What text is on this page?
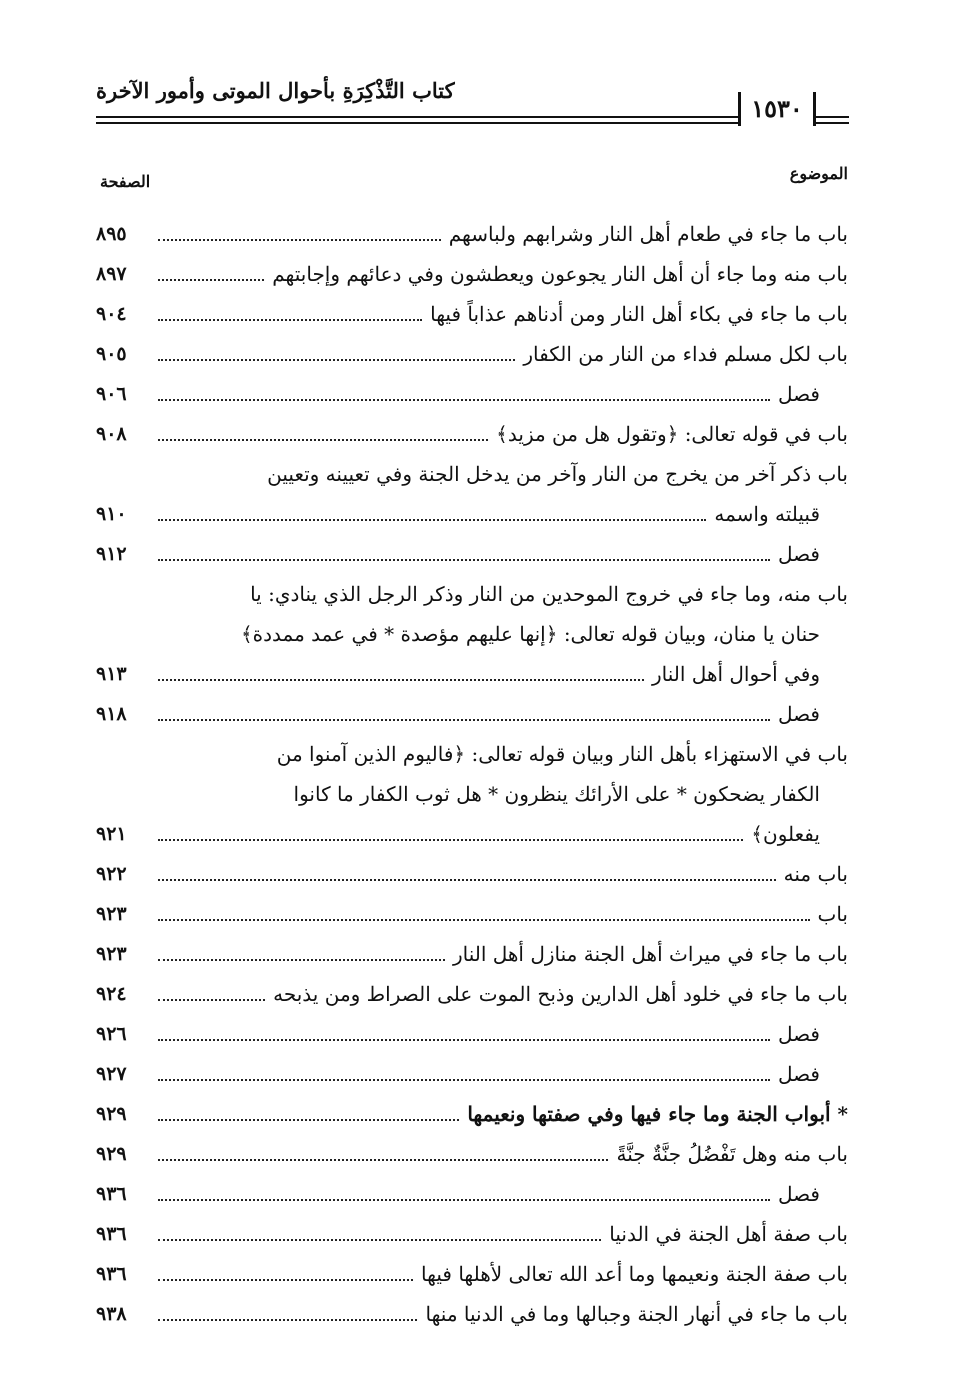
كتاب التَّذْكِرَةِ بأحوال الموتى وأمور الآخرة
١٥٣٠
الموضوع
الصفحة
باب ما جاء في طعام أهل النار وشرابهم ولباسهم
٨٩٥
باب منه وما جاء أن أهل النار يجوعون ويعطشون وفي دعائهم وإجابتهم
٨٩٧
باب ما جاء في بكاء أهل النار ومن أدناهم عذاباً فيها
٩٠٤
باب لكل مسلم فداء من النار من الكفار
٩٠٥
فصل
٩٠٦
باب في قوله تعالى: ﴿وتقول هل من مزيد﴾
٩٠٨
باب ذكر آخر من يخرج من النار وآخر من يدخل الجنة وفي تعيينه وتعيين
قبيلته واسمه
٩١٠
فصل
٩١٢
باب منه، وما جاء في خروج الموحدين من النار وذكر الرجل الذي ينادي: يا
حنان يا منان، وبيان قوله تعالى: ﴿إنها عليهم مؤصدة * في عمد ممددة﴾
وفي أحوال أهل النار
٩١٣
فصل
٩١٨
باب في الاستهزاء بأهل النار وبيان قوله تعالى: ﴿فاليوم الذين آمنوا من
الكفار يضحكون * على الأرائك ينظرون * هل ثوب الكفار ما كانوا
يفعلون﴾
٩٢١
باب منه
٩٢٢
باب
٩٢٣
باب ما جاء في ميراث أهل الجنة منازل أهل النار
٩٢٣
باب ما جاء في خلود أهل الدارين وذبح الموت على الصراط ومن يذبحه
٩٢٤
فصل
٩٢٦
فصل
٩٢٧
* أبواب الجنة وما جاء فيها وفي صفتها ونعيمها
٩٢٩
باب منه وهل تَفْضُلُ جنَّةٌ جنَّةً
٩٢٩
فصل
٩٣٦
باب صفة أهل الجنة في الدنيا
٩٣٦
باب صفة الجنة ونعيمها وما أعد الله تعالى لأهلها فيها
٩٣٦
باب ما جاء في أنهار الجنة وجبالها وما في الدنيا منها
٩٣٨
